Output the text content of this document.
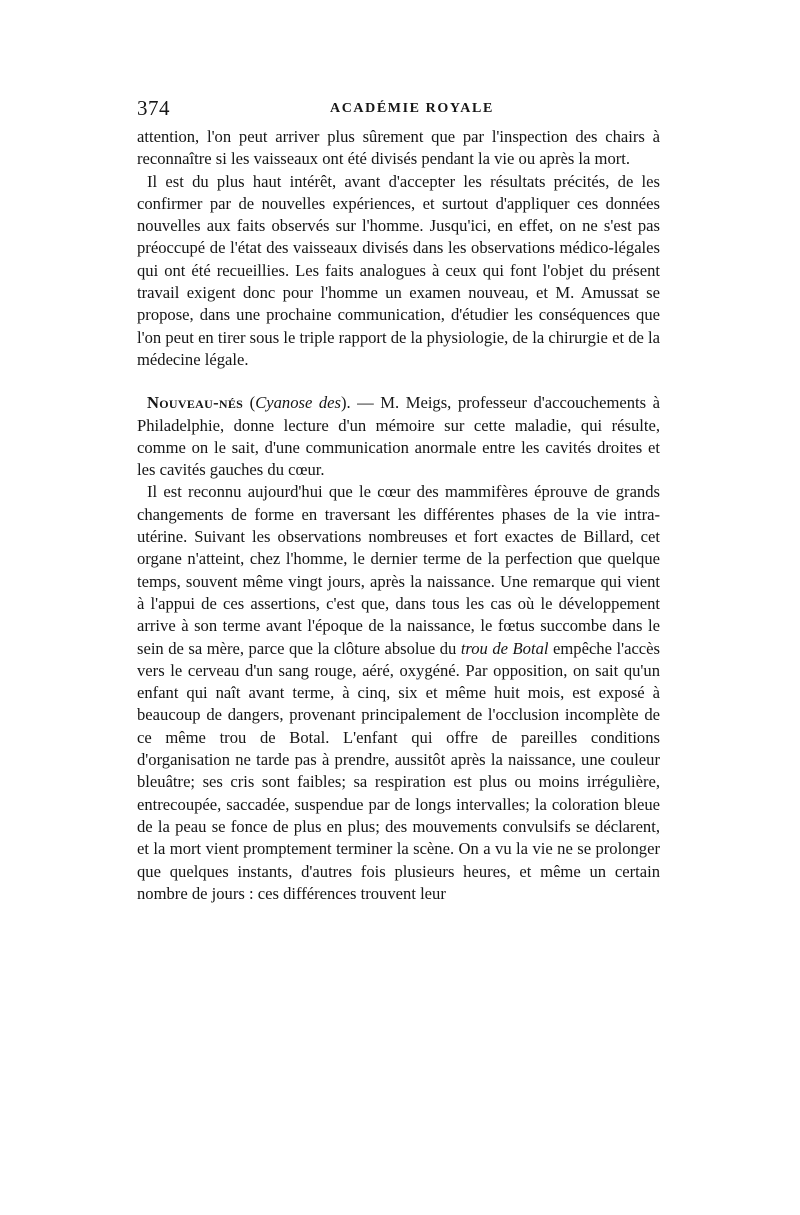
374	ACADÉMIE ROYALE

attention, l'on peut arriver plus sûrement que par l'inspection des chairs à reconnaître si les vaisseaux ont été divisés pendant la vie ou après la mort.

Il est du plus haut intérêt, avant d'accepter les résultats précités, de les confirmer par de nouvelles expériences, et surtout d'appliquer ces données nouvelles aux faits observés sur l'homme. Jusqu'ici, en effet, on ne s'est pas préoccupé de l'état des vaisseaux divisés dans les observations médico-légales qui ont été recueillies. Les faits analogues à ceux qui font l'objet du présent travail exigent donc pour l'homme un examen nouveau, et M. Amussat se propose, dans une prochaine communication, d'étudier les conséquences que l'on peut en tirer sous le triple rapport de la physiologie, de la chirurgie et de la médecine légale.

Nouveau-nés (Cyanose des). — M. Meigs, professeur d'accouchements à Philadelphie, donne lecture d'un mémoire sur cette maladie, qui résulte, comme on le sait, d'une communication anormale entre les cavités droites et les cavités gauches du cœur.

Il est reconnu aujourd'hui que le cœur des mammifères éprouve de grands changements de forme en traversant les différentes phases de la vie intra-utérine. Suivant les observations nombreuses et fort exactes de Billard, cet organe n'atteint, chez l'homme, le dernier terme de la perfection que quelque temps, souvent même vingt jours, après la naissance. Une remarque qui vient à l'appui de ces assertions, c'est que, dans tous les cas où le développement arrive à son terme avant l'époque de la naissance, le fœtus succombe dans le sein de sa mère, parce que la clôture absolue du trou de Botal empêche l'accès vers le cerveau d'un sang rouge, aéré, oxygéné. Par opposition, on sait qu'un enfant qui naît avant terme, à cinq, six et même huit mois, est exposé à beaucoup de dangers, provenant principalement de l'occlusion incomplète de ce même trou de Botal. L'enfant qui offre de pareilles conditions d'organisation ne tarde pas à prendre, aussitôt après la naissance, une couleur bleuâtre; ses cris sont faibles; sa respiration est plus ou moins irrégulière, entrecoupée, saccadée, suspendue par de longs intervalles; la coloration bleue de la peau se fonce de plus en plus; des mouvements convulsifs se déclarent, et la mort vient promptement terminer la scène. On a vu la vie ne se prolonger que quelques instants, d'autres fois plusieurs heures, et même un certain nombre de jours : ces différences trouvent leur
